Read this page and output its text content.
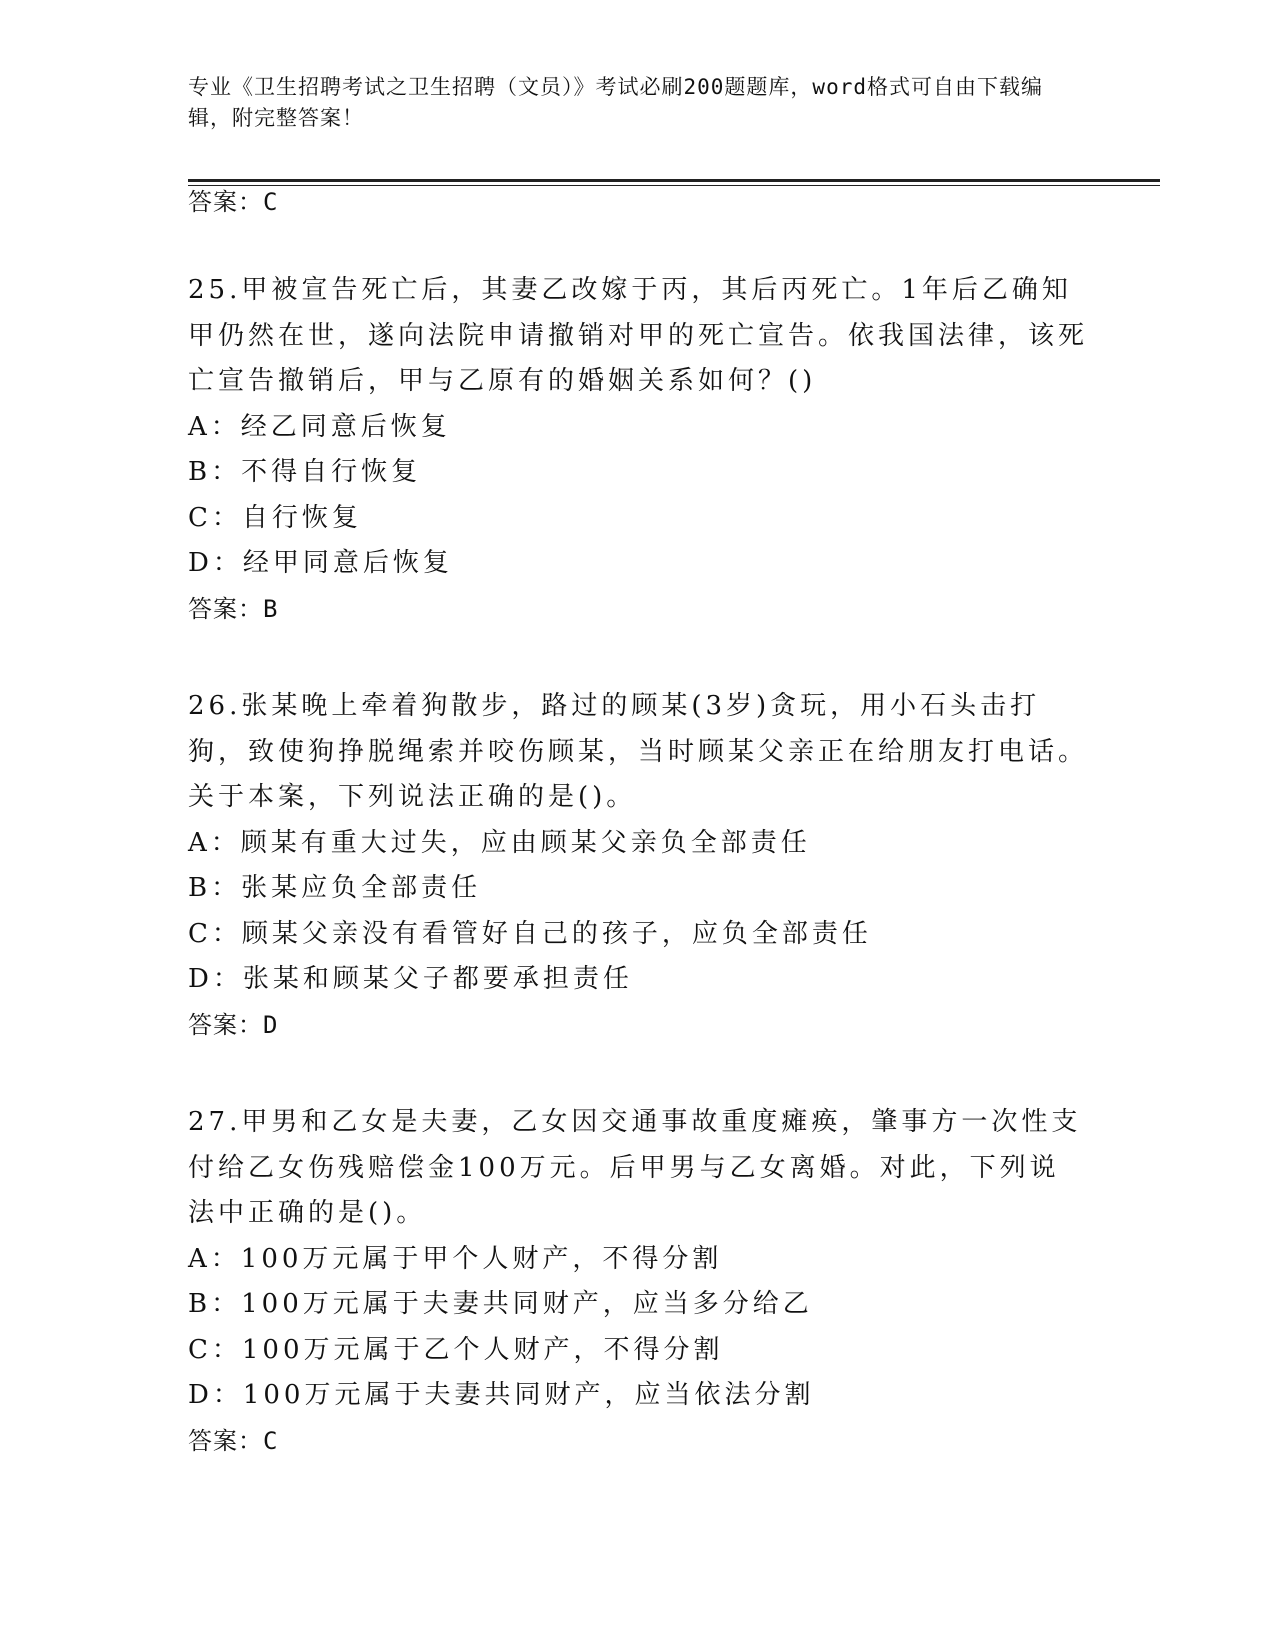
专业《卫生招聘考试之卫生招聘（文员）》考试必刷200题题库，word格式可自由下载编辑，附完整答案！
答案：C
25.甲被宣告死亡后，其妻乙改嫁于丙，其后丙死亡。1年后乙确知甲仍然在世，遂向法院申请撤销对甲的死亡宣告。依我国法律，该死亡宣告撤销后，甲与乙原有的婚姻关系如何？()
A：经乙同意后恢复
B：不得自行恢复
C：自行恢复
D：经甲同意后恢复
答案：B
26.张某晚上牵着狗散步，路过的顾某(3岁)贪玩，用小石头击打狗，致使狗挣脱绳索并咬伤顾某，当时顾某父亲正在给朋友打电话。关于本案，下列说法正确的是()。
A：顾某有重大过失，应由顾某父亲负全部责任
B：张某应负全部责任
C：顾某父亲没有看管好自己的孩子，应负全部责任
D：张某和顾某父子都要承担责任
答案：D
27.甲男和乙女是夫妻，乙女因交通事故重度瘫痪，肇事方一次性支付给乙女伤残赔偿金100万元。后甲男与乙女离婚。对此，下列说法中正确的是()。
A：100万元属于甲个人财产，不得分割
B：100万元属于夫妻共同财产，应当多分给乙
C：100万元属于乙个人财产，不得分割
D：100万元属于夫妻共同财产，应当依法分割
答案：C
